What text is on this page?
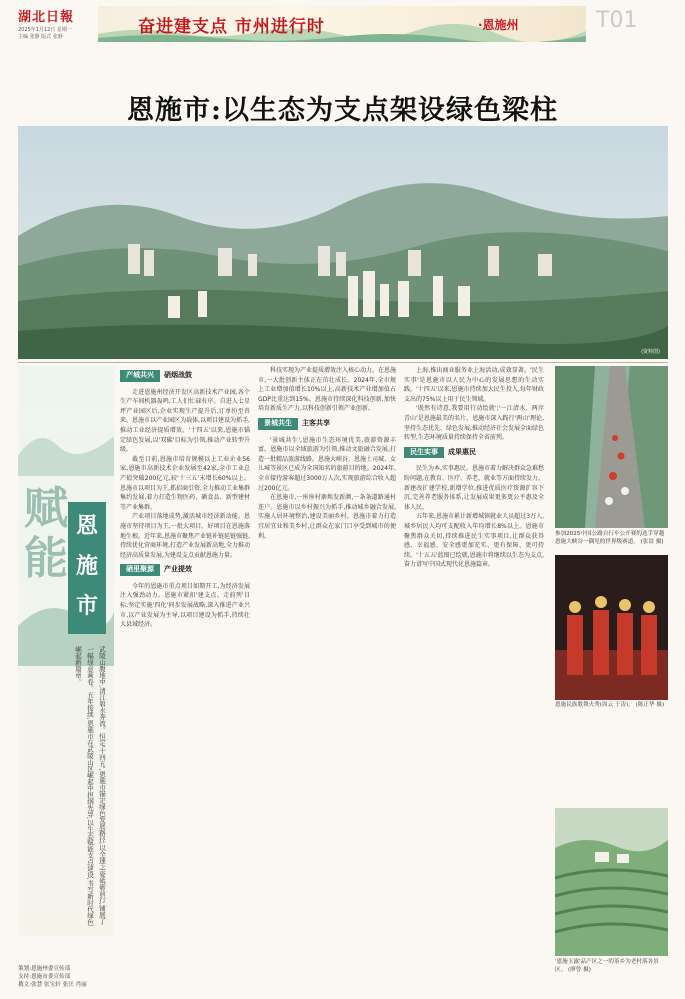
湖北日報
2025年1月12日 星期一
主编 张静 版式 张静	奋进建支点 市州进行时	·恩施州	T01
恩施市:以生态为支点架设绿色梁柱
(资料图)
赋能
恩施市
武陵山腹地中,清江碧水奔流。恒定'十四五',恩施市锚定绿色发展路径,以全速之姿砥砺前行,铺展了一幅绿意画卷。五年接续,恩施市在武陵山区崛起中担纲先导,以生态赋能支点建设,书写新时代绿色崛起新篇章。
产城共兴 硝烟战鼓

走进恩施州经济开发区高新技术产业园,各个生产车间机器轰鸣,工人们忙碌有序。自进入七星坪产业园区后,企业实现生产提升后,订单纷至沓来。恩施市以产业园区为载体,以项目建设为抓手,推动工业经济提质增效。'十四五'以来,恩施市锚定绿色发展,以'双碳'目标为引领,推动产业转型升级。

截至目前,恩施市培育规模以上工业企业56家,恩施市高新技术企业发展至42家,全市工业总产值突破200亿元,较'十三五'末增长60%以上。恩施市以项目为王,抓招商引资,全力推动工业集群集约发展,着力打造生物医药、硒食品、新型建材等产业集群。

产业项目落地成势,激活城市经济新动能。恩施市坚持项目为王,一批大项目、好项目在恩施落地生根。近年来,恩施市聚焦产业链补链延链强链,持续优化营商环境,打造产业发展新高地,全力推动经济高质量发展,为建设支点贡献恩施力量。

硒里聚源 产业提效

今年的恩施市重点项目如期开工,为经济发展注入强劲动力。恩施市紧扣'建支点、走前列'目标,坚定实施'四化'同步发展战略,深入推进产业兴市,以产业发展为主导,以项目建设为抓手,持续壮大县域经济。

科技实现为产业提质增效注入核心动力。在恩施市,一大批创新主体正在茁壮成长。2024年,全市规上工业增加值增长10%以上,高新技术产业增加值占GDP比重达到15%。恩施市持续深化科技创新,加快培育新质生产力,以科技创新引领产业创新。

景城共生 主客共享

'景城共生',恩施市生态环境优美,旅游资源丰富。恩施市以全域旅游为引领,推动文旅融合发展,打造一批精品旅游线路。恩施大峡谷、恩施土司城、女儿城等景区已成为全国知名的旅游目的地。2024年,全市接待游客超过3000万人次,实现旅游综合收入超过200亿元。

在恩施市,一座座村寨焕发新颜,一条条道路通村连户。恩施市以乡村振兴为抓手,推动城乡融合发展,实施人居环境整治,建设美丽乡村。恩施市着力打造宜居宜业和美乡村,让群众在家门口享受到城市的便利。

上海,推出商业服务业上海活动,成效显著。'民生实事'是恩施市以人民为中心的发展思想的生动实践。'十四五'以来,恩施市持续加大民生投入,每年财政支出的75%以上用于民生领域。

'既然有诗意,我要用行动绘就';'一江清水、两岸青山'是恩施最美的名片。恩施市深入践行'两山'理论,坚持生态优先、绿色发展,推动经济社会发展全面绿色转型,生态环境质量持续保持全省前列。

民生实事 成果惠民

民生为本,实事惠民。恩施市着力解决群众急难愁盼问题,在教育、医疗、养老、就业等方面持续发力。新建改扩建学校,新增学位,推进优质医疗资源扩容下沉,完善养老服务体系,让发展成果更多更公平惠及全体人民。

五年来,恩施市累计新增城镇就业人员超过3万人,城乡居民人均可支配收入年均增长8%以上。恩施市聚焦群众关切,持续推进民生实事项目,让群众获得感、幸福感、安全感更加充实、更有保障、更可持续。'十五五'蓝图已绘就,恩施市将继续以生态为支点,奋力谱写中国式现代化恩施篇章。

参加2025中国公路自行车公开赛的选手穿越恩施大峡谷一隅见的世界级赛道。 (张谊 摄)
恩施民族歌舞火秀(周云 于涛)。 (陈正华 摄)
'恩施玉露'品产区之一的茶乡为老村落各景区。 (廖曾 摄)
策划:恩施州委宣传部
支持:恩施市委宣传部
撰文:张慧 张宝轩 张匡 肖丽
